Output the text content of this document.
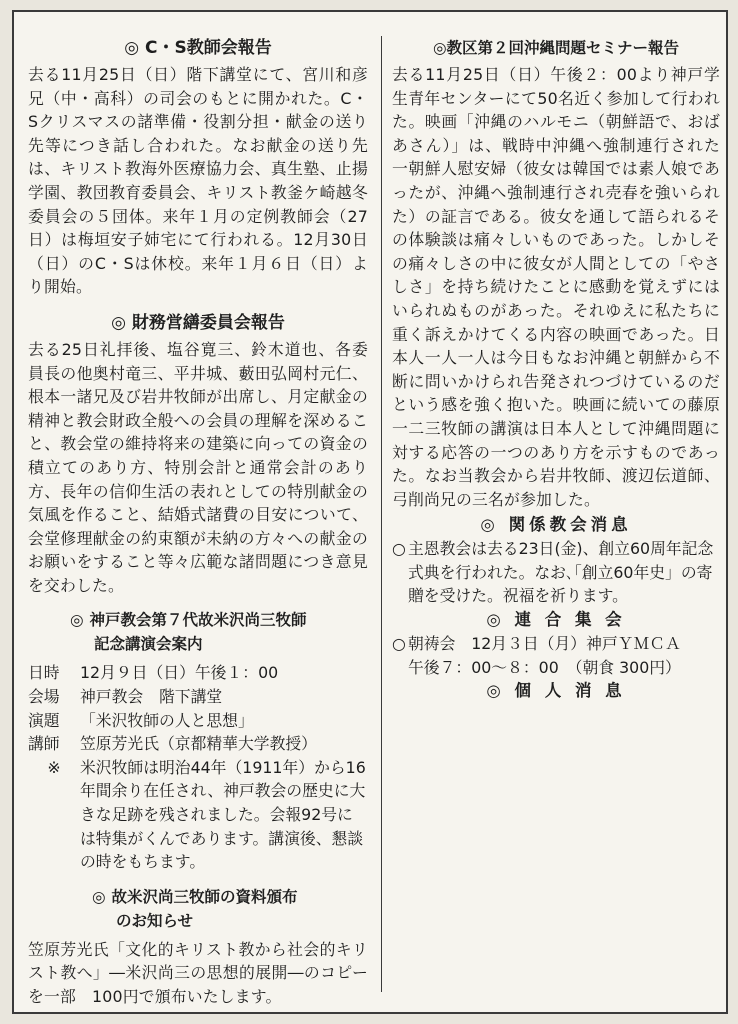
◎ C・S教師会報告

去る11月25日（日）階下講堂にて、宮川和彦兄（中・高科）の司会のもとに開かれた。C・Sクリスマスの諸準備・役割分担・献金の送り先等につき話し合われた。なお献金の送り先は、キリスト教海外医療協力会、真生塾、止揚学園、教団教育委員会、キリスト教釜ケ崎越冬委員会の５団体。来年１月の定例教師会（27日）は梅垣安子姉宅にて行われる。12月30日（日）のC・Sは休校。来年１月６日（日）より開始。

◎ 財務営繕委員会報告

去る25日礼拝後、塩谷寛三、鈴木道也、各委員長の他奥村竜三、平井城、藪田弘岡村元仁、根本一諸兄及び岩井牧師が出席し、月定献金の精神と教会財政全般への会員の理解を深めること、教会堂の維持将来の建築に向っての資金の積立てのあり方、特別会計と通常会計のあり方、長年の信仰生活の表れとしての特別献金の気風を作ること、結婚式諸費の目安について、会堂修理献金の約束額が未納の方々への献金のお願いをすること等々広範な諸問題につき意見を交わした。

◎ 神戸教会第７代故米沢尚三牧師
記念講演会案内
日時	12月９日（日）午後１：00
会場	神戸教会　階下講堂
演題	「米沢牧師の人と思想」
講師	笠原芳光氏（京都精華大学教授）
※	米沢牧師は明治44年（1911年）から16年間余り在任され、神戸教会の歴史に大きな足跡を残されました。会報92号には特集がくんであります。講演後、懇談の時をもちます。
◎ 故米沢尚三牧師の資料頒布
のお知らせ

笠原芳光氏「文化的キリスト教から社会的キリスト教へ」―米沢尚三の思想的展開―のコピーを一部　100円で頒布いたします。

◎教区第２回沖縄問題セミナー報告

去る11月25日（日）午後２：00より神戸学生青年センターにて50名近く参加して行われた。映画「沖縄のハルモニ（朝鮮語で、おばあさん）」は、戦時中沖縄へ強制連行された一朝鮮人慰安婦（彼女は韓国では素人娘であったが、沖縄へ強制連行され売春を強いられた）の証言である。彼女を通して語られるその体験談は痛々しいものであった。しかしその痛々しさの中に彼女が人間としての「やさしさ」を持ち続けたことに感動を覚えずにはいられぬものがあった。それゆえに私たちに重く訴えかけてくる内容の映画であった。日本人一人一人は今日もなお沖縄と朝鮮から不断に問いかけられ告発されつづけているのだという感を強く抱いた。映画に続いての藤原一二三牧師の講演は日本人として沖縄問題に対する応答の一つのあり方を示すものであった。なお当教会から岩井牧師、渡辺伝道師、弓削尚兄の三名が参加した。

◎ 関係教会消息
○ 主恩教会は去る23日(金)、創立60周年記念式典を行われた。なお､｢創立60年史」の寄贈を受けた。祝福を祈ります。
◎ 連 合 集 会
○ 朝祷会　12月３日（月）神戸ＹＭＣＡ
午後７：00～８：00　（朝食 300円）
◎ 個 人 消 息
